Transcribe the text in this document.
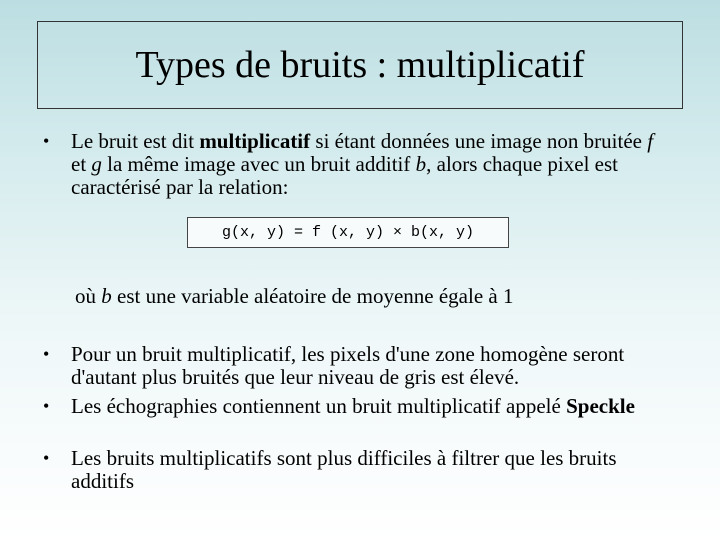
Types de bruits : multiplicatif
•	Le bruit est dit multiplicatif si étant données une image non bruitée f et g la même image avec un bruit additif b, alors chaque pixel est caractérisé par la relation:
g(x, y) = f (x, y) × b(x, y)
où b est une variable aléatoire de moyenne égale à 1
•	Pour un bruit multiplicatif, les pixels d'une zone homogène seront d'autant plus bruités que leur niveau de gris est élevé.
•	Les échographies contiennent un bruit multiplicatif appelé Speckle
•	Les bruits multiplicatifs sont plus difficiles à filtrer que les bruits additifs
